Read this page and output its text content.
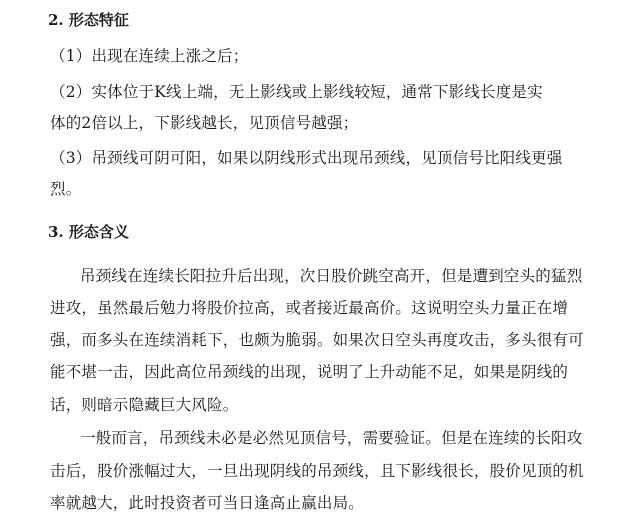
2. 形态特征
（1）出现在连续上涨之后；
（2）实体位于K线上端，无上影线或上影线较短，通常下影线长度是实
体的2倍以上，下影线越长，见顶信号越强；
（3）吊颈线可阴可阳，如果以阴线形式出现吊颈线，见顶信号比阳线更强
烈。
3. 形态含义
吊颈线在连续长阳拉升后出现，次日股价跳空高开，但是遭到空头的猛烈
进攻，虽然最后勉力将股价拉高，或者接近最高价。这说明空头力量正在增
强，而多头在连续消耗下，也颇为脆弱。如果次日空头再度攻击，多头很有可
能不堪一击，因此高位吊颈线的出现，说明了上升动能不足，如果是阴线的
话，则暗示隐藏巨大风险。
一般而言，吊颈线未必是必然见顶信号，需要验证。但是在连续的长阳攻
击后，股价涨幅过大，一旦出现阴线的吊颈线，且下影线很长，股价见顶的机
率就越大，此时投资者可当日逢高止赢出局。
